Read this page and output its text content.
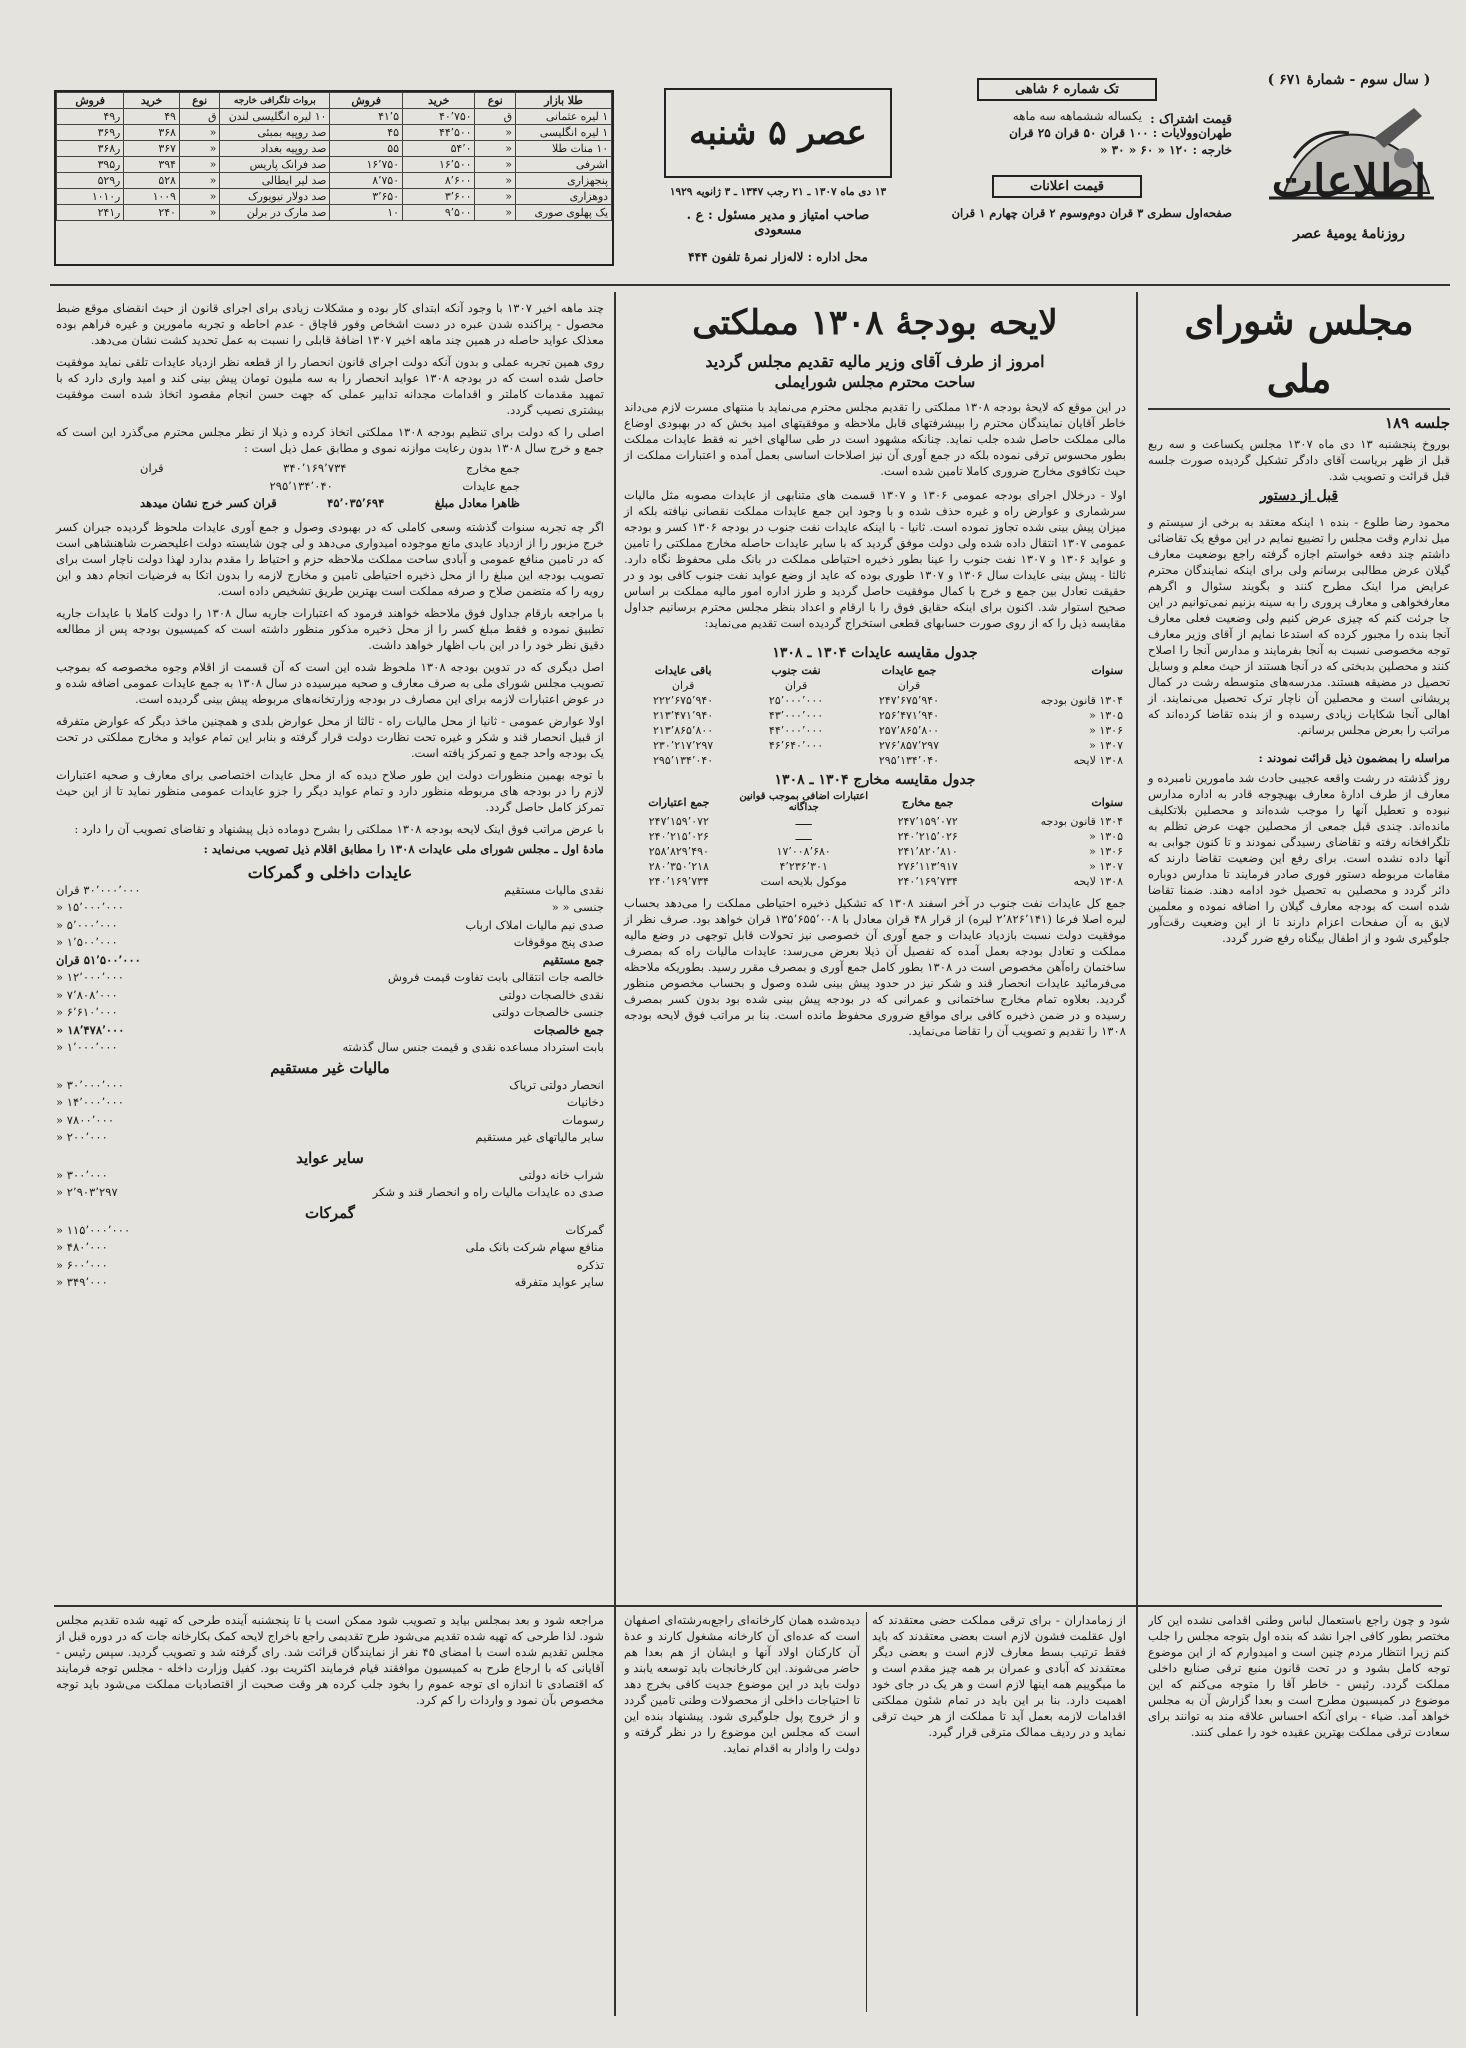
( سال سوم - شمارهٔ ۶۷۱ )
اطلاعات
روزنامهٔ یومیهٔ عصر
تک شماره ۶ شاهی
قیمت اشتراک :
یکساله ششماهه سه ماهه
طهران‌وولایات : ۱۰۰ قران ۵۰ قران ۲۵ قران
خارجه : ۱۲۰ « ۶۰ « ۳۰ «
قیمت اعلانات
صفحه‌اول سطری ۳ قران دوم‌وسوم ۲ قران چهارم ۱ قران
عصر ۵ شنبه
۱۳ دی ماه ۱۳۰۷ ـ ۲۱ رجب ۱۳۴۷ ـ ۳ ژانویه ۱۹۲۹
صاحب امتیاز و مدیر مسئول : ع . مسعودی
محل اداره : لاله‌زار نمرهٔ تلفون ۴۴۴
طلا بازار	نوع	خرید	فروش	بروات تلگرافی خارجه	نوع	خرید	فروش
۱ لیره عثمانی	ق	۴۰٬۷۵۰	۴۱٬۵	۱۰ لیره انگلیسی لندن	ق	۴۹	ر۴۹
۱ لیره انگلیسی	«	۴۴٬۵۰۰	۴۵	صد روپیه بمبئی	«	۳۶۸	ر۳۶۹
۱۰ منات طلا	«	۵۴٬۰	۵۵	صد روپیه بغداد	«	۳۶۷	ر۳۶۸
اشرفی	«	۱۶٬۵۰۰	۱۶٬۷۵۰	صد فرانک پاریس	«	۳۹۴	ر۳۹۵
پنجهزاری	«	۸٬۶۰۰	۸٬۷۵۰	صد لیر ایطالی	«	۵۲۸	ر۵۲۹
دوهزاری	«	۳٬۶۰۰	۳٬۶۵۰	صد دولار نیویورک	«	۱۰۰۹	ر۱۰۱۰
یک پهلوی صوری	«	۹٬۵۰۰	۱۰	صد مارک در برلن	«	۲۴۰	ر۲۴۱
مجلس شورای ملی
جلسه ۱۸۹
بوروخ پنجشنبه ۱۳ دی ماه ۱۳۰۷ مجلس یکساعت و سه ربع قبل از ظهر بریاست آقای دادگر تشکیل گردیده صورت جلسه قبل قرائت و تصویب شد.
قبل از دستور
محمود رضا طلوع - بنده ۱ اینکه معتقد به برخی از سیستم و میل ندارم وقت مجلس را تضییع نمایم در این موقع یک تقاضائی داشتم چند دفعه خواستم اجازه گرفته راجع بوضعیت معارف گیلان عرض مطالبی برسانم ولی برای اینکه نمایندگان محترم عرایض مرا اینک مطرح کنند و بگویند سئوال و اگرهم معارفخواهی و معارف پروری را به سینه بزنیم نمی‌توانیم در این جا جرئت کنم که چیزی عرض کنیم ولی وضعیت فعلی معارف آنجا بنده را مجبور کرده که استدعا نمایم از آقای وزیر معارف توجه مخصوصی نسبت به آنجا بفرمایند و مدارس آنجا را اصلاح کنند و محصلین بدبختی که در آنجا هستند از حیث معلم و وسایل تحصیل در مضیقه هستند. مدرسه‌های متوسطه رشت در کمال پریشانی است و محصلین آن ناچار ترک تحصیل می‌نمایند. از اهالی آنجا شکایات زیادی رسیده و از بنده تقاضا کرده‌اند که مراتب را بعرض مجلس برسانم.
مراسله را بمضمون ذیل قرائت نمودند :
روز گذشته در رشت واقعه عجیبی حادث شد مامورین نامبرده و معارف از طرف ادارهٔ معارف بهیچوجه قادر به اداره مدارس نبوده و تعطیل آنها را موجب شده‌اند و محصلین بلاتکلیف مانده‌اند. چندی قبل جمعی از محصلین جهت عرض تظلم به تلگرافخانه رفته و تقاضای رسیدگی نمودند و تا کنون جوابی به آنها داده نشده است. برای رفع این وضعیت تقاضا دارند که مقامات مربوطه دستور فوری صادر فرمایند تا مدارس دوباره دائر گردد و محصلین به تحصیل خود ادامه دهند. ضمنا تقاضا شده است که بودجه معارف گیلان را اضافه نموده و معلمین لایق به آن صفحات اعزام دارند تا از این وضعیت رقت‌آور جلوگیری شود و از اطفال بیگناه رفع ضرر گردد.
شود و چون راجع باستعمال لباس وطنی اقدامی نشده این کار مختصر بطور کافی اجرا نشد که بنده اول بتوجه مجلس را جلب کنم زیرا انتظار مردم چنین است و امیدوارم که از این موضوع توجه کامل بشود و در تحت قانون منبع ترقی صنایع داخلی مملکت گردد. رئیس - خاطر آقا را متوجه می‌کنم که این موضوع در کمیسیون مطرح است و بعدا گزارش آن به مجلس خواهد آمد. ضیاء - برای آنکه احساس علاقه مند به توانند برای سعادت ترقی مملکت بهترین عقیده خود را عملی کنند.
لایحه بودجهٔ ۱۳۰۸ مملکتی
امروز از طرف آقای وزیر مالیه تقدیم مجلس گردید
ساحت محترم مجلس شورایملی
در این موقع که لایحهٔ بودجه ۱۳۰۸ مملکتی را تقدیم مجلس محترم می‌نماید با منتهای مسرت لازم می‌داند خاطر آقایان نمایندگان محترم را بپیشرفتهای قابل ملاحظه و موفقیتهای امید بخش که در بهبودی اوضاع مالی مملکت حاصل شده جلب نماید. چنانکه مشهود است در طی سالهای اخیر نه فقط عایدات مملکت بطور محسوس ترقی نموده بلکه در جمع آوری آن نیز اصلاحات اساسی بعمل آمده و اعتبارات مملکت از حیث تکافوی مخارج ضروری کاملا تامین شده است.
اولا - درخلال اجرای بودجه عمومی ۱۳۰۶ و ۱۳۰۷ قسمت های متنابهی از عایدات مصوبه مثل مالیات سرشماری و عوارض راه و غیره حذف شده و با وجود این جمع عایدات مملکت نقصانی نیافته بلکه از میزان پیش بینی شده تجاوز نموده است. ثانیا - با اینکه عایدات نفت جنوب در بودجه ۱۳۰۶ کسر و بودجه عمومی ۱۳۰۷ انتقال داده شده ولی دولت موفق گردید که با سایر عایدات حاصله مخارج مملکتی را تامین و عواید ۱۳۰۶ و ۱۳۰۷ نفت جنوب را عینا بطور ذخیره احتیاطی مملکت در بانک ملی محفوظ نگاه دارد. ثالثا - پیش بینی عایدات سال ۱۳۰۶ و ۱۳۰۷ طوری بوده که عاید از وضع عواید نفت جنوب کافی بود و در حقیقت تعادل بین جمع و خرج با کمال موفقیت حاصل گردید و طرز اداره امور مالیه مملکت بر اساس صحیح استوار شد. اکنون برای اینکه حقایق فوق را با ارقام و اعداد بنظر مجلس محترم برسانیم جداول مقایسه ذیل را که از روی صورت حسابهای قطعی استخراج گردیده است تقدیم می‌نماید:
جدول مقایسه عایدات ۱۳۰۴ ـ ۱۳۰۸
سنوات	جمع عایدات	نفت جنوب	باقی عایدات
	قران	قران	قران
۱۳۰۴ قانون بودجه	۲۴۷٬۶۷۵٬۹۴۰	۲۵٬۰۰۰٬۰۰۰	۲۲۲٬۶۷۵٬۹۴۰
۱۳۰۵ «	۲۵۶٬۴۷۱٬۹۴۰	۴۳٬۰۰۰٬۰۰۰	۲۱۳٬۴۷۱٬۹۴۰
۱۳۰۶ «	۲۵۷٬۸۶۵٬۸۰۰	۴۴٬۰۰۰٬۰۰۰	۲۱۳٬۸۶۵٬۸۰۰
۱۳۰۷ «	۲۷۶٬۸۵۷٬۲۹۷	۴۶٬۶۴۰٬۰۰۰	۲۳۰٬۲۱۷٬۲۹۷
۱۳۰۸ لایحه	۲۹۵٬۱۳۴٬۰۴۰		۲۹۵٬۱۳۴٬۰۴۰
جدول مقایسه مخارج ۱۳۰۴ ـ ۱۳۰۸
سنوات	جمع مخارج	اعتبارات اضافی بموجب قوانین جداگانه	جمع اعتبارات
۱۳۰۴ قانون بودجه	۲۴۷٬۱۵۹٬۰۷۲	ـــــ	۲۴۷٬۱۵۹٬۰۷۲
۱۳۰۵ «	۲۴۰٬۲۱۵٬۰۲۶	ـــــ	۲۴۰٬۲۱۵٬۰۲۶
۱۳۰۶ «	۲۴۱٬۸۲۰٬۸۱۰	۱۷٬۰۰۸٬۶۸۰	۲۵۸٬۸۲۹٬۴۹۰
۱۳۰۷ «	۲۷۶٬۱۱۳٬۹۱۷	۴٬۲۳۶٬۳۰۱	۲۸۰٬۳۵۰٬۲۱۸
۱۳۰۸ لایحه	۲۴۰٬۱۶۹٬۷۳۴	موکول بلایحه است	۲۴۰٬۱۶۹٬۷۳۴
جمع کل عایدات نفت جنوب در آخر اسفند ۱۳۰۸ که تشکیل ذخیره احتیاطی مملکت را می‌دهد بحساب لیره اصلا فرعا (۲٬۸۲۶٬۱۴۱ لیره) از قرار ۴۸ قران معادل با ۱۳۵٬۶۵۵٬۰۰۸ قران خواهد بود. صرف نظر از موفقیت دولت نسبت بازدیاد عایدات و جمع آوری آن خصوصی نیز تحولات قابل توجهی در وضع مالیه مملکت و تعادل بودجه بعمل آمده که تفصیل آن ذیلا بعرض می‌رسد: عایدات مالیات راه که بمصرف ساختمان راه‌آهن مخصوص است در ۱۳۰۸ بطور کامل جمع آوری و بمصرف مقرر رسید. بطوریکه ملاحظه می‌فرمائید عایدات انحصار قند و شکر نیز در حدود پیش بینی شده وصول و بحساب مخصوص منظور گردید. بعلاوه تمام مخارج ساختمانی و عمرانی که در بودجه پیش بینی شده بود بدون کسر بمصرف رسیده و در ضمن ذخیره کافی برای مواقع ضروری محفوظ مانده است. بنا بر مراتب فوق لایحه بودجه ۱۳۰۸ را تقدیم و تصویب آن را تقاضا می‌نماید.
از زمامداران - برای ترقی مملکت حضی معتقدند که اول عقلمت فشون لازم است بعضی معتقدند که باید فقط ترتیب بسط معارف لازم است و بعضی دیگر معتقدند که آبادی و عمران بر همه چیز مقدم است و ما میگوییم همه اینها لازم است و هر یک در جای خود اهمیت دارد. بنا بر این باید در تمام شئون مملکتی اقدامات لازمه بعمل آید تا مملکت از هر حیث ترقی نماید و در ردیف ممالک مترقی قرار گیرد.
دیده‌شده همان کارخانه‌ای راجع‌به‌رشته‌ای اصفهان است که عده‌ای آن کارخانه مشغول کارند و عدهٔ آن کارکنان اولاد آنها و ایشان از هم بعدا هم حاضر می‌شوند. این کارخانجات باید توسعه یابند و دولت باید در این موضوع جدیت کافی بخرج دهد تا احتیاجات داخلی از محصولات وطنی تامین گردد و از خروج پول جلوگیری شود. پیشنهاد بنده این است که مجلس این موضوع را در نظر گرفته و دولت را وادار به اقدام نماید.
چند ماهه اخیر ۱۳۰۷ با وجود آنکه ابتدای کار بوده و مشکلات زیادی برای اجرای قانون از حیث انقضای موقع ضبط محصول - پراکنده شدن عبره در دست اشخاص وفور قاچاق - عدم احاطه و تجربه مامورین و غیره فراهم بوده معذلک عواید حاصله در همین چند ماهه اخیر ۱۳۰۷ اضافهٔ قابلی را نسبت به عمل تحدید کشت نشان می‌دهد.
روی همین تجربه عملی و بدون آنکه دولت اجرای قانون انحصار را از قطعه نظر ازدیاد عایدات تلقی نماید موفقیت حاصل شده است که در بودجه ۱۳۰۸ عواید انحصار را به سه ملیون تومان پیش بینی کند و امید واری دارد که با تمهید مقدمات کاملتر و اقدامات مجدانه تدابیر عملی که جهت حسن انجام مقصود اتخاذ شده است موفقیت بیشتری نصیب گردد.
اصلی را که دولت برای تنظیم بودجه ۱۳۰۸ مملکتی اتخاذ کرده و ذیلا از نظر مجلس محترم می‌گذرد این است که جمع و خرج سال ۱۳۰۸ بدون رعایت موازنه نموی و مطابق عمل ذیل است :
جمع مخارج
۳۴۰٬۱۶۹٬۷۳۴
قران
جمع عایدات
۲۹۵٬۱۳۴٬۰۴۰
ظاهرا معادل مبلغ
۴۵٬۰۳۵٬۶۹۴
قران کسر خرج نشان میدهد
اگر چه تجربه سنوات گذشته وسعی کاملی که در بهبودی وصول و جمع آوری عایدات ملحوظ گردیده جبران کسر خرج مزبور را از ازدیاد عایدی مانع موجوده امیدواری می‌دهد و لی چون شایسته دولت اعلیحضرت شاهنشاهی است که در تامین منافع عمومی و آبادی ساحت مملکت ملاحظه حزم و احتیاط را مقدم بدارد لهذا دولت ناچار است برای تصویب بودجه این مبلغ را از محل ذخیره احتیاطی تامین و مخارج لازمه را بدون اتکا به فرضیات انجام دهد و این رویه را که متضمن صلاح و صرفه مملکت است بهترین طریق تشخیص داده است.
با مراجعه بارقام جداول فوق ملاحظه خواهند فرمود که اعتبارات جاریه سال ۱۳۰۸ را دولت کاملا با عایدات جاریه تطبیق نموده و فقط مبلغ کسر را از محل ذخیره مذکور منظور داشته است که کمیسیون بودجه پس از مطالعه دقیق نظر خود را در این باب اظهار خواهد داشت.
اصل دیگری که در تدوین بودجه ۱۳۰۸ ملحوظ شده این است که آن قسمت از اقلام وجوه مخصوصه که بموجب تصویب مجلس شورای ملی به صرف معارف و صحیه میرسیده در سال ۱۳۰۸ به جمع عایدات عمومی اضافه شده و در عوض اعتبارات لازمه برای این مصارف در بودجه وزارتخانه‌های مربوطه پیش بینی گردیده است.
اولا عوارض عمومی - ثانیا از محل مالیات راه - ثالثا از محل عوارض بلدی و همچنین ماخذ دیگر که عوارض متفرقه از قبیل انحصار قند و شکر و غیره تحت نظارت دولت قرار گرفته و بنابر این تمام عواید و مخارج مملکتی در تحت یک بودجه واحد جمع و تمرکز یافته است.
با توجه بهمین منظورات دولت این طور صلاح دیده که از محل عایدات اختصاصی برای معارف و صحیه اعتبارات لازم را در بودجه های مربوطه منظور دارد و تمام عواید دیگر را جزو عایدات عمومی منظور نماید تا از این حیث تمرکز کامل حاصل گردد.
با عرض مراتب فوق اینک لایحه بودجه ۱۳۰۸ مملکتی را بشرح دوماده ذیل پیشنهاد و تقاضای تصویب آن را دارد :
مادهٔ اول ـ مجلس شورای ملی عایدات ۱۳۰۸ را مطابق اقلام ذیل تصویب می‌نماید :
عایدات داخلی و گمرکات
نقدی مالیات مستقیم
۳۰٬۰۰۰٬۰۰۰ قران
جنسی « «
۱۵٬۰۰۰٬۰۰۰ «
صدی نیم مالیات املاک ارباب
۵٬۰۰۰٬۰۰۰ «
صدی پنج موقوفات
۱٬۵۰۰٬۰۰۰ «
جمع مستقیم
۵۱٬۵۰۰٬۰۰۰ قران
خالصه جات انتقالی بابت تفاوت قیمت فروش
۱۲٬۰۰۰٬۰۰۰ «
نقدی خالصجات دولتی
۷٬۸۰۸٬۰۰۰ «
جنسی خالصجات دولتی
۶٬۶۱۰٬۰۰۰ «
جمع خالصجات
۱۸٬۴۷۸٬۰۰۰ «
بابت استرداد مساعده نقدی و قیمت جنس سال گذشته
۱٬۰۰۰٬۰۰۰ «
مالیات غیر مستقیم
انحصار دولتی تریاک
۳۰٬۰۰۰٬۰۰۰ «
دخانیات
۱۴٬۰۰۰٬۰۰۰ «
رسومات
۷۸۰۰٬۰۰۰ «
سایر مالیاتهای غیر مستقیم
۲۰۰٬۰۰۰ «
سایر عواید
شراب خانه دولتی
۳۰۰٬۰۰۰ «
صدی ده عایدات مالیات راه و انحصار قند و شکر
۲٬۹۰۳٬۲۹۷ «
گمرکات
گمرکات
۱۱۵٬۰۰۰٬۰۰۰ «
منافع سهام شرکت بانک ملی
۴۸۰٬۰۰۰ «
تذکره
۶۰۰٬۰۰۰ «
سایر عواید متفرقه
۳۴۹٬۰۰۰ «
مراجعه شود و بعد بمجلس بیاید و تصویب شود ممکن است یا تا پنجشنبه آینده طرحی که تهیه شده تقدیم مجلس شود. لذا طرحی که تهیه شده تقدیم می‌شود طرح تقدیمی راجع باخراج لایحه کمک بکارخانه جات که در دوره قبل از مجلس تقدیم شده است با امضای ۴۵ نفر از نمایندگان قرائت شد. رای گرفته شد و تصویب گردید. سپس رئیس - آقایانی که با ارجاع طرح به کمیسیون موافقند قیام فرمایند اکثریت بود. کفیل وزارت داخله - مجلس توجه فرمایند که اقتصادی تا اندازه ای توجه عموم را بخود جلب کرده هر وقت صحبت از اقتصادیات مملکت می‌شود باید توجه مخصوص بآن نمود و واردات را کم کرد.
